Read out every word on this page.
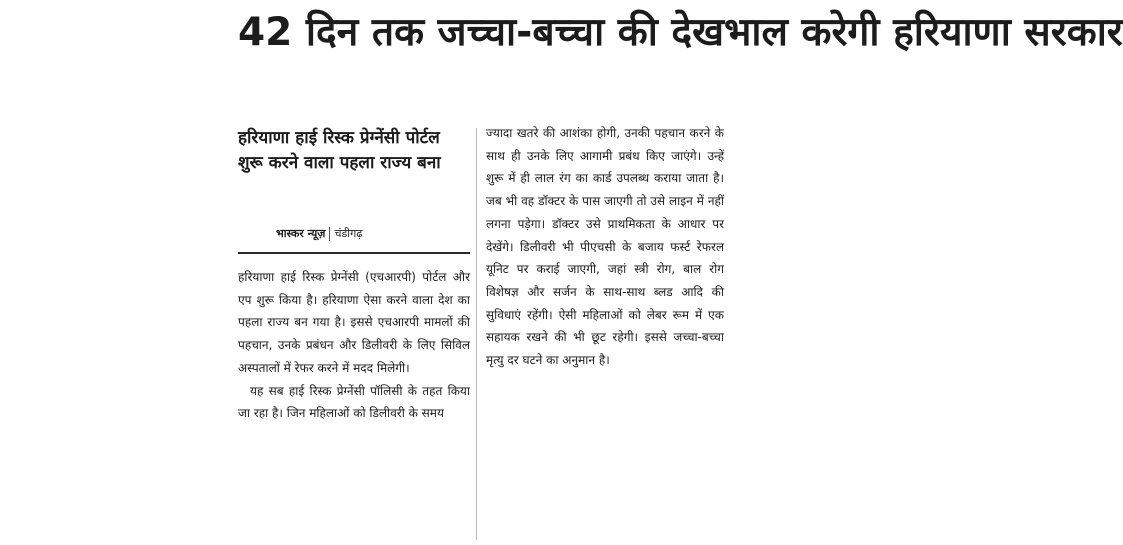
42 दिन तक जच्चा-बच्चा की देखभाल करेगी हरियाणा सरकार
हरियाणा हाई रिस्क प्रेग्नेंसी पोर्टल शुरू करने वाला पहला राज्य बना
भास्कर न्यूज़ चंडीगढ़

हरियाणा हाई रिस्क प्रेग्नेंसी (एचआरपी) पोर्टल और एप शुरू किया है। हरियाणा ऐसा करने वाला देश का पहला राज्य बन गया है। इससे एचआरपी मामलों की पहचान, उनके प्रबंधन और डिलीवरी के लिए सिविल अस्पतालों में रेफर करने में मदद मिलेगी।

यह सब हाई रिस्क प्रेग्नेंसी पॉलिसी के तहत किया जा रहा है। जिन महिलाओं को डिलीवरी के समय

ज्यादा खतरे की आशंका होगी, उनकी पहचान करने के साथ ही उनके लिए आगामी प्रबंध किए जाएंगे। उन्हें शुरू में ही लाल रंग का कार्ड उपलब्ध कराया जाता है। जब भी वह डॉक्टर के पास जाएगी तो उसे लाइन में नहीं लगना पड़ेगा। डॉक्टर उसे प्राथमिकता के आधार पर देखेंगे। डिलीवरी भी पीएचसी के बजाय फर्स्ट रेफरल यूनिट पर कराई जाएगी, जहां स्त्री रोग, बाल रोग विशेषज्ञ और सर्जन के साथ-साथ ब्लड आदि की सुविधाएं रहेंगी। ऐसी महिलाओं को लेबर रूम में एक सहायक रखने की भी छूट रहेगी। इससे जच्चा-बच्चा मृत्यु दर घटने का अनुमान है।
